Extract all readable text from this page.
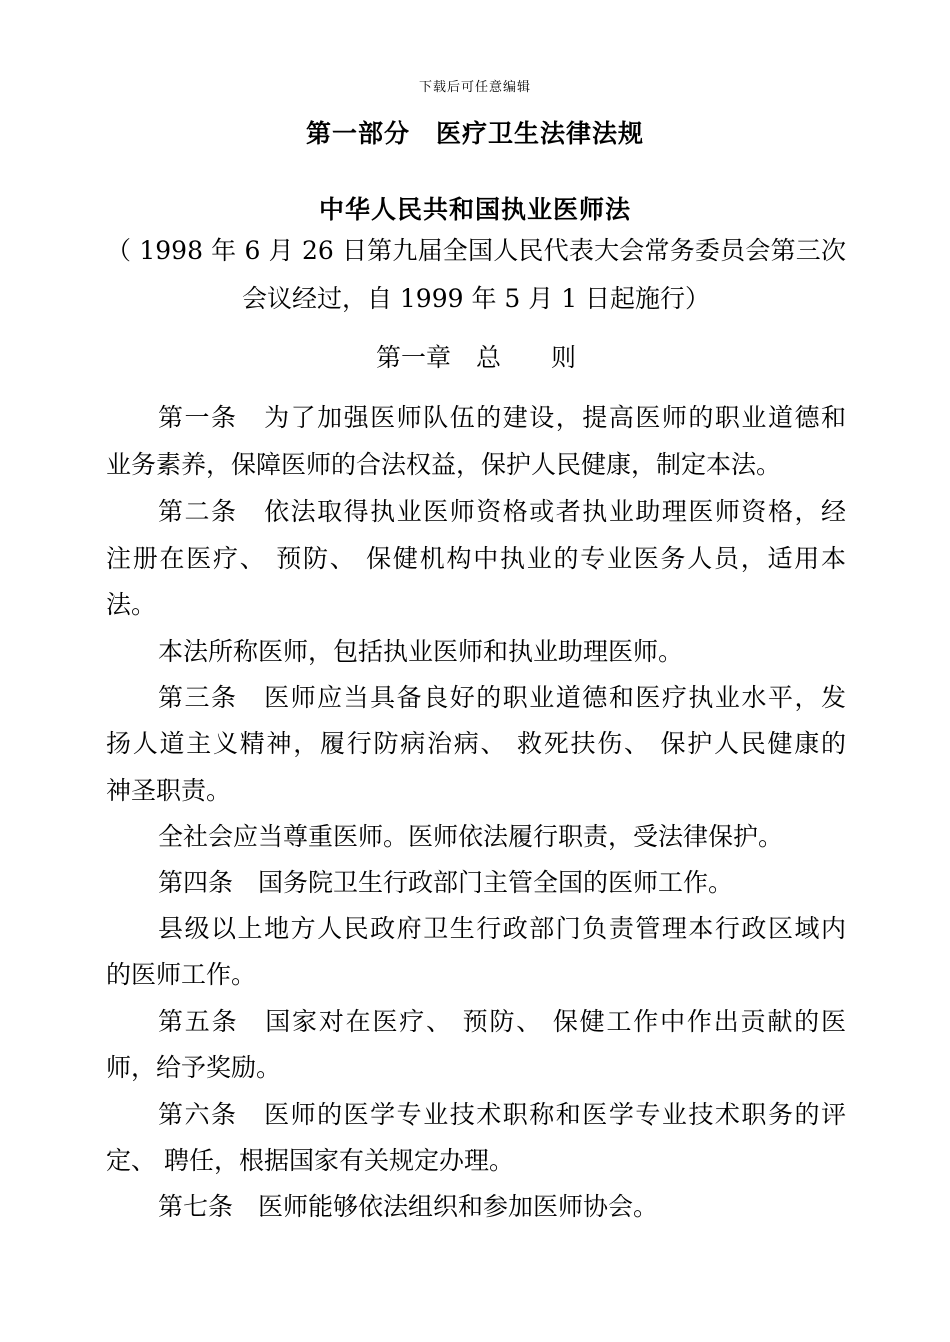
下载后可任意编辑
第一部分　医疗卫生法律法规
中华人民共和国执业医师法
（ 1998 年 6 月 26 日第九届全国人民代表大会常务委员会第三次
会议经过，自 1999 年 5 月 1 日起施行）
第一章　总　　则
第一条　为了加强医师队伍的建设，提高医师的职业道德和
业务素养，保障医师的合法权益，保护人民健康，制定本法。
第二条　依法取得执业医师资格或者执业助理医师资格，经
注册在医疗、 预防、 保健机构中执业的专业医务人员，适用本
法。
本法所称医师，包括执业医师和执业助理医师。
第三条　医师应当具备良好的职业道德和医疗执业水平，发
扬人道主义精神，履行防病治病、 救死扶伤、 保护人民健康的
神圣职责。
全社会应当尊重医师。医师依法履行职责，受法律保护。
第四条　国务院卫生行政部门主管全国的医师工作。
县级以上地方人民政府卫生行政部门负责管理本行政区域内
的医师工作。
第五条　国家对在医疗、 预防、 保健工作中作出贡献的医
师，给予奖励。
第六条　医师的医学专业技术职称和医学专业技术职务的评
定、 聘任，根据国家有关规定办理。
第七条　医师能够依法组织和参加医师协会。
